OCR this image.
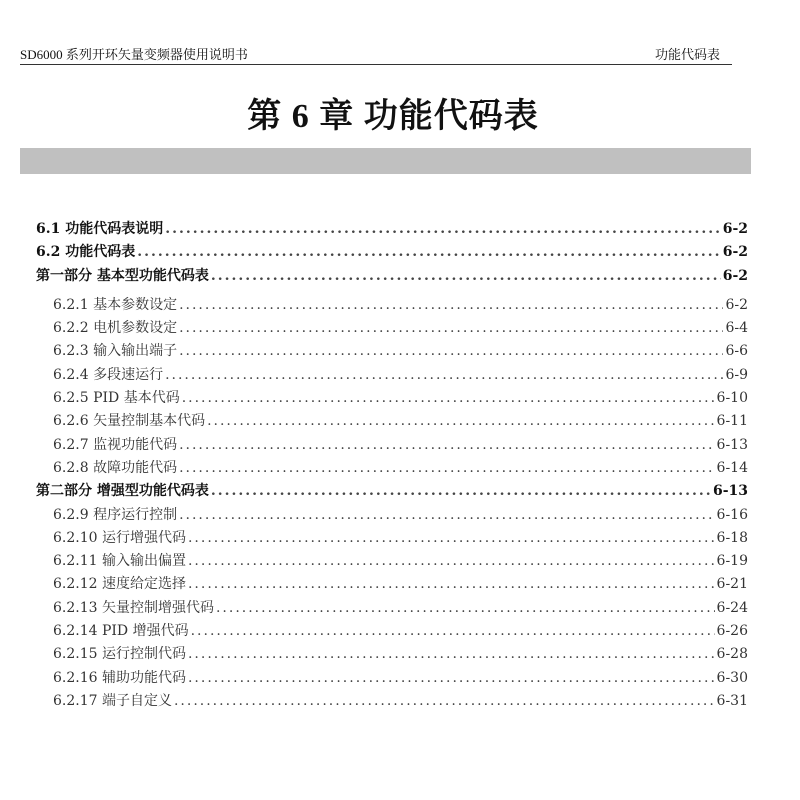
SD6000 系列开环矢量变频器使用说明书	功能代码表
第 6 章 功能代码表
6.1 功能代码表说明 .....	6-2
6.2 功能代码表 .....	6-2
第一部分 基本型功能代码表 .....	6-2
6.2.1 基本参数设定 .....	6-2
6.2.2 电机参数设定 .....	6-4
6.2.3 输入输出端子 .....	6-6
6.2.4 多段速运行 .....	6-9
6.2.5 PID 基本代码 .....	6-10
6.2.6 矢量控制基本代码 .....	6-11
6.2.7 监视功能代码 .....	6-13
6.2.8 故障功能代码 .....	6-14
第二部分 增强型功能代码表 .....	6-13
6.2.9 程序运行控制 .....	6-16
6.2.10 运行增强代码 .....	6-18
6.2.11 输入输出偏置 .....	6-19
6.2.12 速度给定选择 .....	6-21
6.2.13 矢量控制增强代码 .....	6-24
6.2.14 PID 增强代码 .....	6-26
6.2.15 运行控制代码 .....	6-28
6.2.16 辅助功能代码 .....	6-30
6.2.17 端子自定义 .....	6-31
